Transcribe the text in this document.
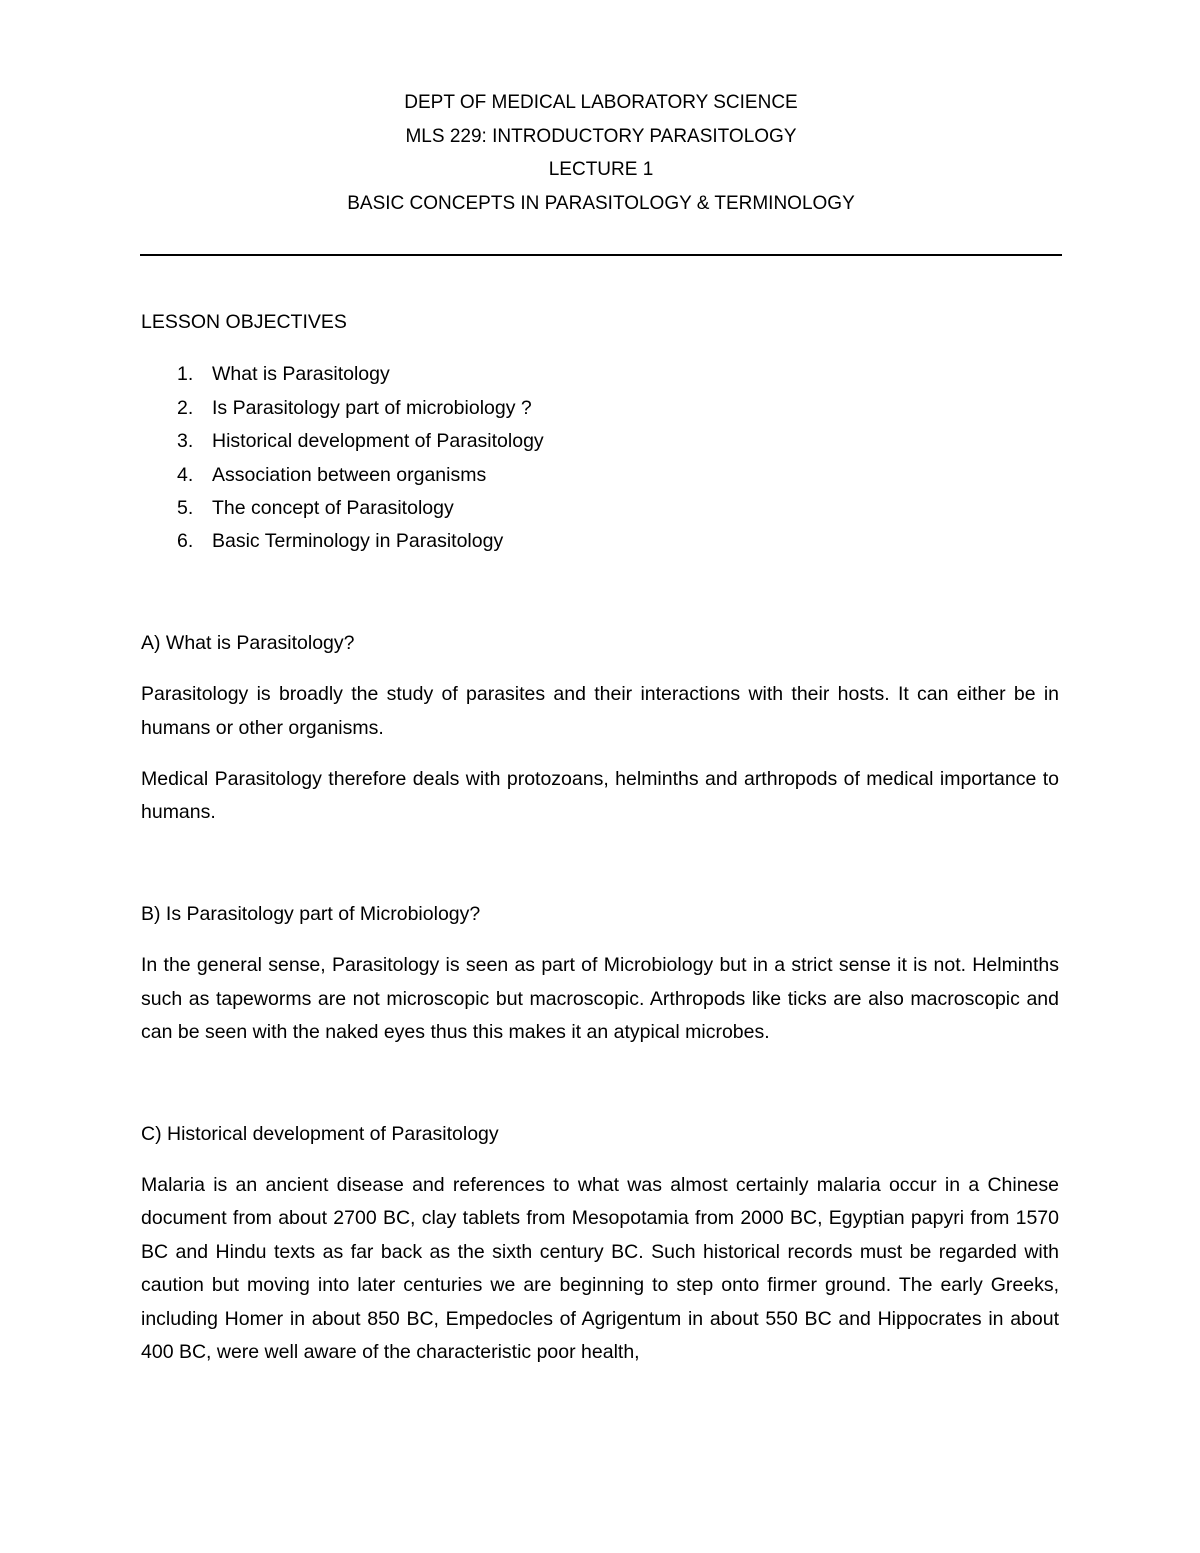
DEPT OF MEDICAL LABORATORY SCIENCE
MLS 229: INTRODUCTORY PARASITOLOGY
LECTURE 1
BASIC CONCEPTS IN PARASITOLOGY & TERMINOLOGY
LESSON OBJECTIVES
1. What is Parasitology
2. Is Parasitology part of microbiology ?
3. Historical development of Parasitology
4. Association between organisms
5. The concept of Parasitology
6. Basic Terminology in Parasitology
A) What is Parasitology?

Parasitology is broadly the study of parasites and their interactions with their hosts. It can either be in humans or other organisms.

Medical Parasitology therefore deals with protozoans, helminths and arthropods of medical importance to humans.

B) Is Parasitology part of Microbiology?

In the general sense, Parasitology is seen as part of Microbiology but in a strict sense it is not. Helminths such as tapeworms are not microscopic but macroscopic. Arthropods like ticks are also macroscopic and can be seen with the naked eyes thus this makes it an atypical microbes.

C) Historical development of Parasitology

Malaria is an ancient disease and references to what was almost certainly malaria occur in a Chinese document from about 2700 BC, clay tablets from Mesopotamia from 2000 BC, Egyptian papyri from 1570 BC and Hindu texts as far back as the sixth century BC. Such historical records must be regarded with caution but moving into later centuries we are beginning to step onto firmer ground. The early Greeks, including Homer in about 850 BC, Empedocles of Agrigentum in about 550 BC and Hippocrates in about 400 BC, were well aware of the characteristic poor health,
